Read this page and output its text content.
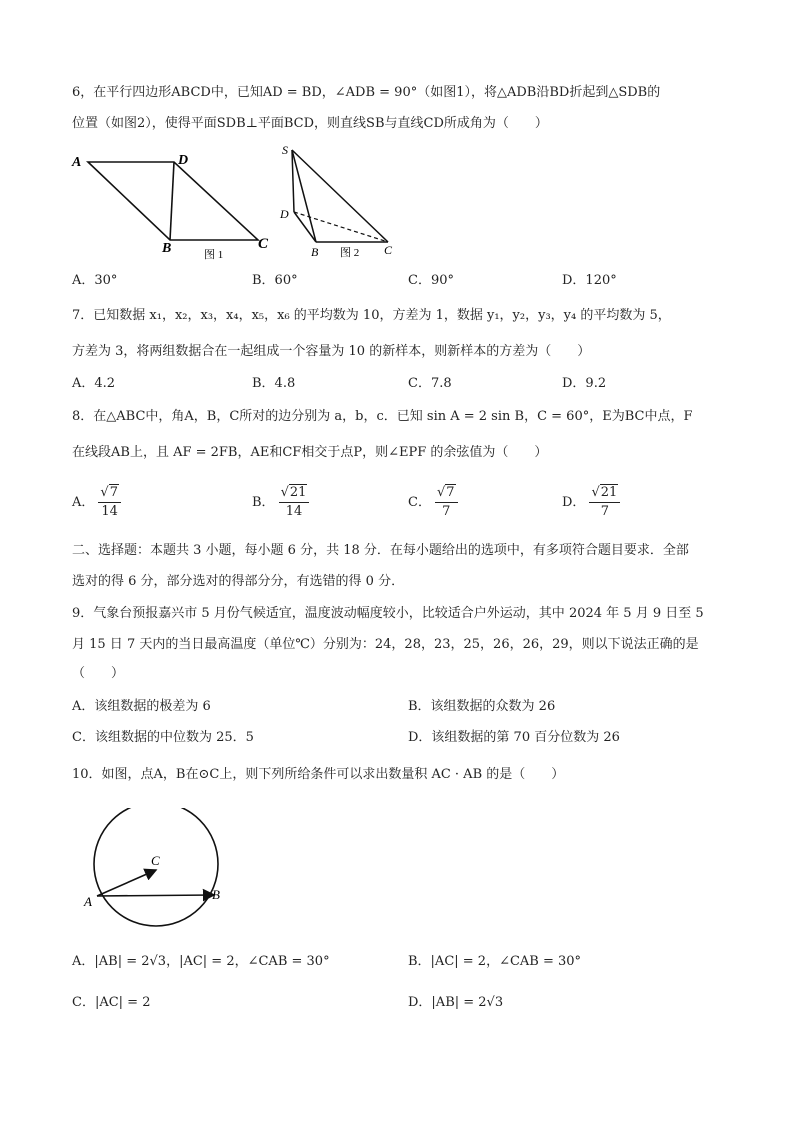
6，在平行四边形ABCD中，已知AD = BD，∠ADB = 90°（如图1），将△ADB沿BD折起到△SDB的
位置（如图2），使得平面SDB⊥平面BCD，则直线SB与直线CD所成角为（　　）
A	D
B	C
图 1
S
D
B	C
图 2
A．30°	B．60°	C．90°	D．120°
7．已知数据 x₁，x₂，x₃，x₄，x₅，x₆ 的平均数为 10，方差为 1，数据 y₁，y₂，y₃，y₄ 的平均数为 5，
方差为 3，将两组数据合在一起组成一个容量为 10 的新样本，则新样本的方差为（　　）
A．4.2	B．4.8	C．7.8	D．9.2
8．在△ABC中，角A，B，C所对的边分别为 a，b，c．已知 sin A = 2 sin B，C = 60°，E为BC中点，F
在线段AB上，且 AF = 2FB，AE和CF相交于点P，则∠EPF 的余弦值为（　　）
A． $\frac{√7}{14}$	B． $\frac{√21}{14}$	C． $\frac{√7}{7}$	D． $\frac{√21}{7}$
二、选择题：本题共 3 小题，每小题 6 分，共 18 分．在每小题给出的选项中，有多项符合题目要求．全部
选对的得 6 分，部分选对的得部分分，有选错的得 0 分．
9．气象台预报嘉兴市 5 月份气候适宜，温度波动幅度较小，比较适合户外运动，其中 2024 年 5 月 9 日至 5
月 15 日 7 天内的当日最高温度（单位℃）分别为：24，28，23，25，26，26，29，则以下说法正确的是
（　　）
A．该组数据的极差为 6	B．该组数据的众数为 26
C．该组数据的中位数为 25．5	D．该组数据的第 70 百分位数为 26
10．如图，点A，B在⊙C上，则下列所给条件可以求出数量积 AC · AB 的是（　　）
A
C
B
A．|AB| = 2√3，|AC| = 2，∠CAB = 30°	B．|AC| = 2，∠CAB = 30°
C．|AC| = 2	D．|AB| = 2√3
